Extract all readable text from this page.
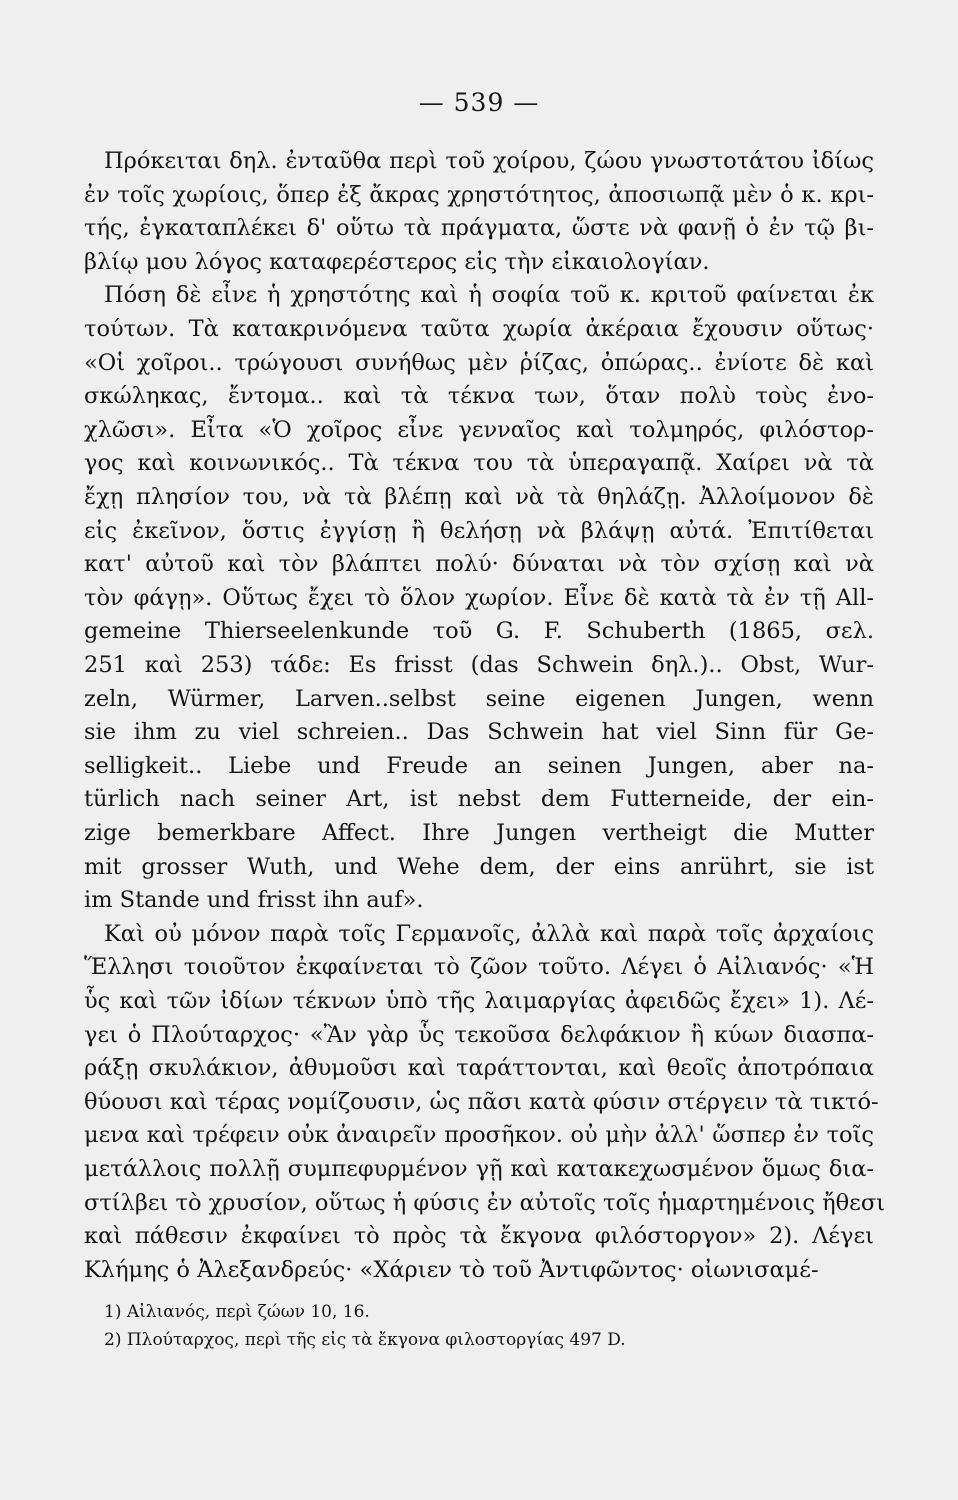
— 539 —
Πρόκειται δηλ. ἐνταῦθα περὶ τοῦ χοίρου, ζώου γνωστοτάτου ἰδίως
ἐν τοῖς χωρίοις, ὅπερ ἐξ ἄκρας χρηστότητος, ἀποσιωπᾷ μὲν ὁ κ. κρι-
τής, ἐγκαταπλέκει δ' οὕτω τὰ πράγματα, ὥστε νὰ φανῇ ὁ ἐν τῷ βι-
βλίῳ μου λόγος καταφερέστερος εἰς τὴν εἰκαιολογίαν.
Πόση δὲ εἶνε ἡ χρηστότης καὶ ἡ σοφία τοῦ κ. κριτοῦ φαίνεται ἐκ
τούτων. Τὰ κατακρινόμενα ταῦτα χωρία ἀκέραια ἔχουσιν οὕτως·
«Οἱ χοῖροι.. τρώγουσι συνήθως μὲν ῥίζας, ὀπώρας.. ἐνίοτε δὲ καὶ
σκώληκας, ἔντομα.. καὶ τὰ τέκνα των, ὅταν πολὺ τοὺς ἐνο-
χλῶσι». Εἶτα «Ὁ χοῖρος εἶνε γενναῖος καὶ τολμηρός, φιλόστορ-
γος καὶ κοινωνικός.. Τὰ τέκνα του τὰ ὑπεραγαπᾷ. Χαίρει νὰ τὰ
ἔχῃ πλησίον του, νὰ τὰ βλέπῃ καὶ νὰ τὰ θηλάζῃ. Ἀλλοίμονον δὲ
εἰς ἐκεῖνον, ὅστις ἐγγίσῃ ἢ θελήσῃ νὰ βλάψῃ αὐτά. Ἐπιτίθεται
κατ' αὐτοῦ καὶ τὸν βλάπτει πολύ· δύναται νὰ τὸν σχίσῃ καὶ νὰ
τὸν φάγῃ». Οὕτως ἔχει τὸ ὅλον χωρίον. Εἶνε δὲ κατὰ τὰ ἐν τῇ All-
gemeine Thierseelenkunde τοῦ G. F. Schuberth (1865, σελ.
251 καὶ 253) τάδε: Es frisst (das Schwein δηλ.).. Obst, Wur-
zeln, Würmer, Larven..selbst seine eigenen Jungen, wenn
sie ihm zu viel schreien.. Das Schwein hat viel Sinn für Ge-
selligkeit.. Liebe und Freude an seinen Jungen, aber na-
türlich nach seiner Art, ist nebst dem Futterneide, der ein-
zige bemerkbare Affect. Ihre Jungen vertheigt die Mutter
mit grosser Wuth, und Wehe dem, der eins anrührt, sie ist
im Stande und frisst ihn auf».
Καὶ οὐ μόνον παρὰ τοῖς Γερμανοῖς, ἀλλὰ καὶ παρὰ τοῖς ἀρχαίοις
Ἕλλησι τοιοῦτον ἐκφαίνεται τὸ ζῶον τοῦτο. Λέγει ὁ Αἰλιανός· «Ἡ
ὗς καὶ τῶν ἰδίων τέκνων ὑπὸ τῆς λαιμαργίας ἀφειδῶς ἔχει» 1). Λέ-
γει ὁ Πλούταρχος· «Ἂν γὰρ ὗς τεκοῦσα δελφάκιον ἢ κύων διασπα-
ράξῃ σκυλάκιον, ἀθυμοῦσι καὶ ταράττονται, καὶ θεοῖς ἀποτρόπαια
θύουσι καὶ τέρας νομίζουσιν, ὡς πᾶσι κατὰ φύσιν στέργειν τὰ τικτό-
μενα καὶ τρέφειν οὐκ ἀναιρεῖν προσῆκον. οὐ μὴν ἀλλ' ὥσπερ ἐν τοῖς
μετάλλοις πολλῇ συμπεφυρμένον γῇ καὶ κατακεχωσμένον ὅμως δια-
στίλβει τὸ χρυσίον, οὕτως ἡ φύσις ἐν αὐτοῖς τοῖς ἡμαρτημένοις ἤθεσι
καὶ πάθεσιν ἐκφαίνει τὸ πρὸς τὰ ἔκγονα φιλόστοργον» 2). Λέγει
Κλήμης ὁ Ἀλεξανδρεύς· «Χάριεν τὸ τοῦ Ἀντιφῶντος· οἰωνισαμέ-
1) Αἰλιανός, περὶ ζώων 10, 16.
2) Πλούταρχος, περὶ τῆς εἰς τὰ ἔκγονα φιλοστοργίας 497 D.
